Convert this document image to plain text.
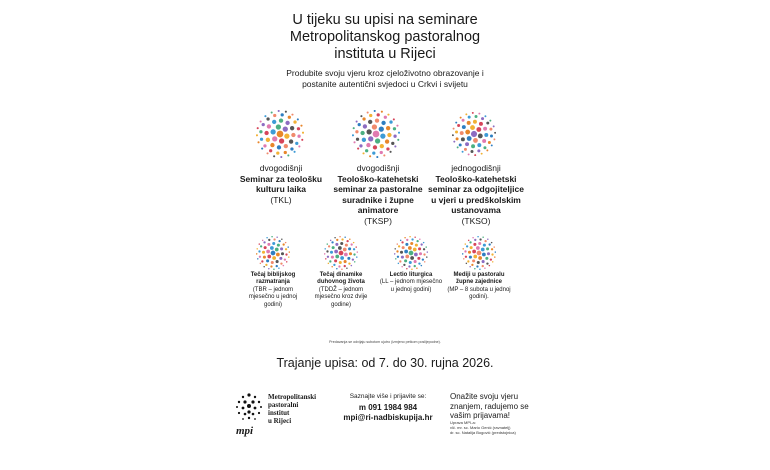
U tijeku su upisi na seminare
Metropolitanskog pastoralnog
instituta u Rijeci
Produbite svoju vjeru kroz cjeloživotno obrazovanje i postanite autentični svjedoci u Crkvi i svijetu
dvogodišnji
Seminar za teološku kulturu laika
(TKL)
dvogodišnji
Teološko-katehetski seminar za pastoralne suradnike i župne animatore
(TKSP)
jednogodišnji
Teološko-katehetski seminar za odgojiteljice u vjeri u predškolskim ustanovama
(TKSO)
Tečaj biblijskog razmatranja
(TBR – jednom mjesečno u jednoj godini)
Tečaj dinamike duhovnog života
(TDDŽ – jednom mjesečno kroz dvije godine)
Lectio liturgica
(LL – jednom mjesečno u jednoj godini)
Mediji u pastoralu župne zajednice
(MP – 8 subota u jednoj godini).
Predavanja se odvijaju subotom ujutro (izmjeno petkom poslijepodne).
Trajanje upisa: od 7. do 30. rujna 2026.
Metropolitanski
pastoralni
institut
u Rijeci
mpi
Saznajte više i prijavite se:
m 091 1984 984
mpi@ri-nadbiskupija.hr
Onažite svoju vjeru znanjem, radujemo se vašim prijavama!
Uprava MPI-a:
vlč. mr. sc. Mario Genić (ravnatelj)
dr. sc. Natalija Bogović (predstojnica)
